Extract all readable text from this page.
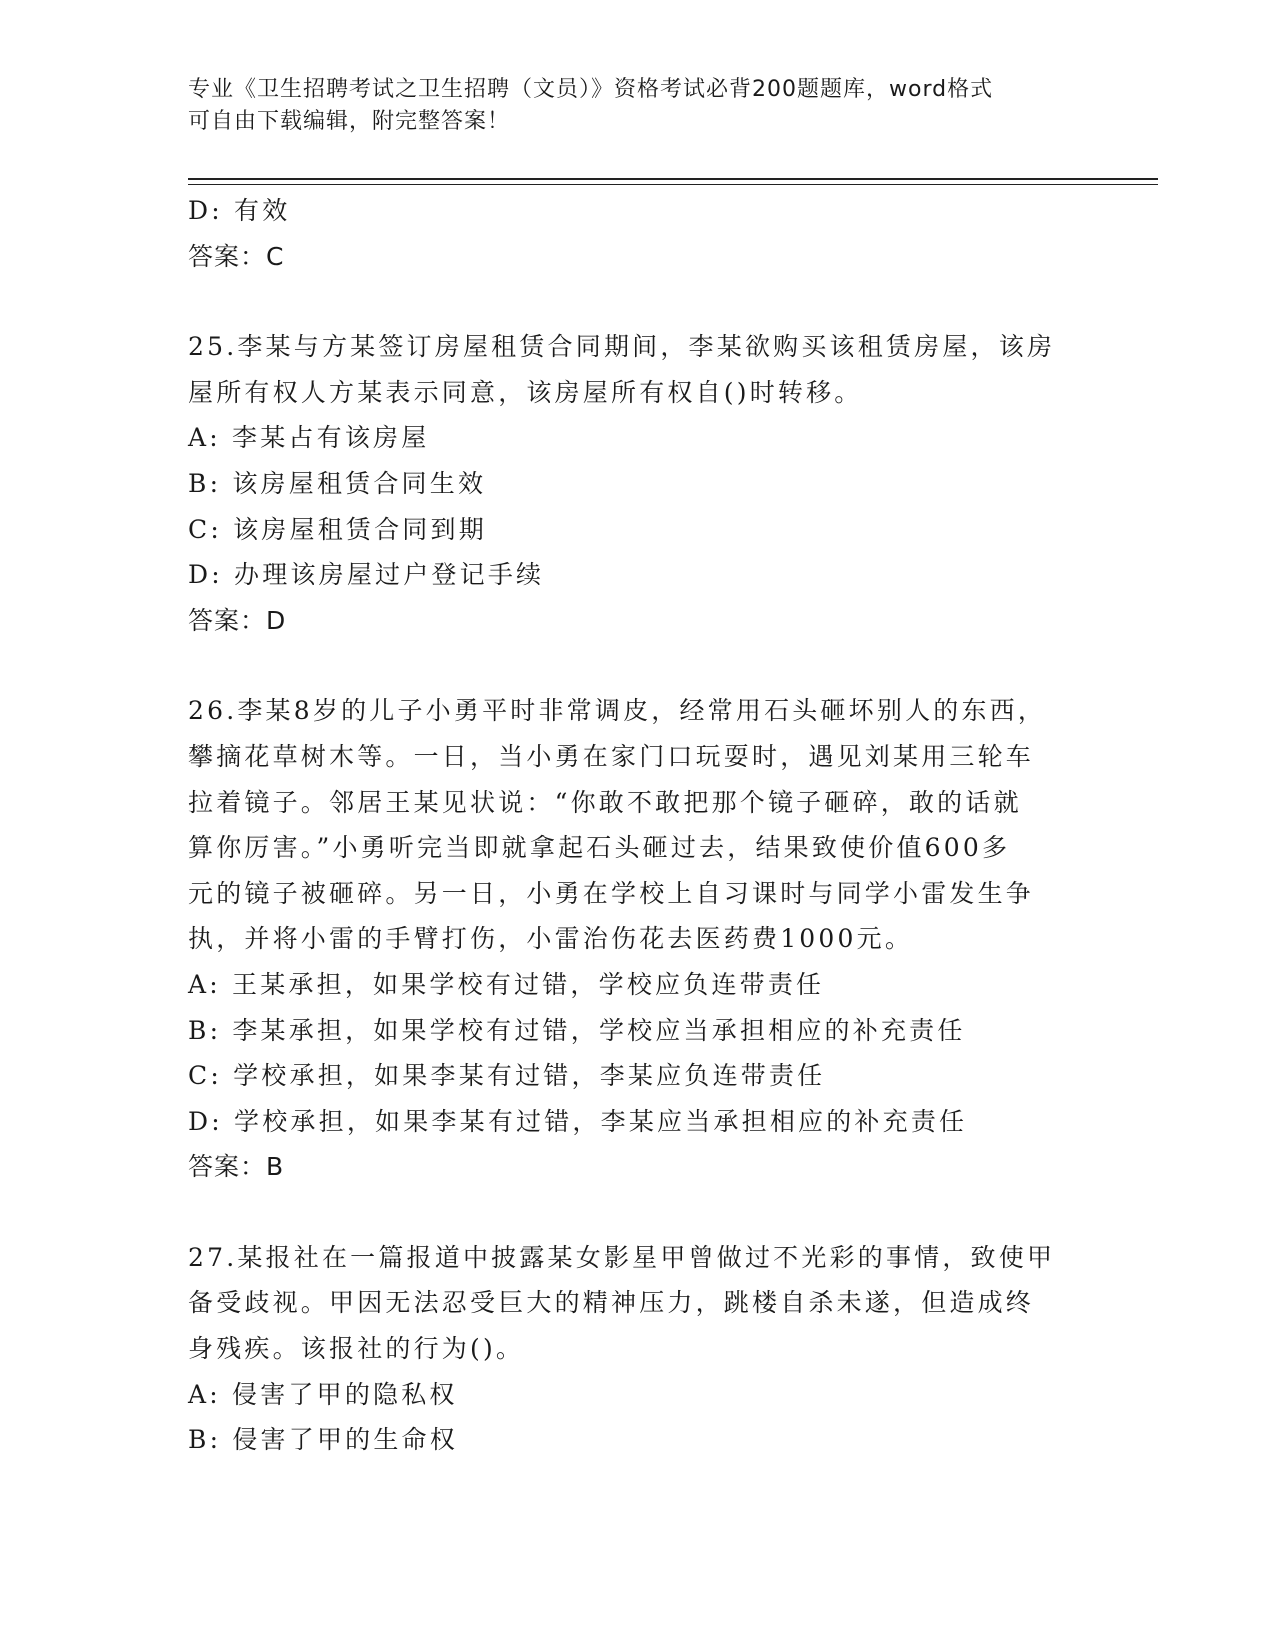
专业《卫生招聘考试之卫生招聘（文员）》资格考试必背200题题库，word格式
可自由下载编辑，附完整答案！
D: 有效
答案：C
25.李某与方某签订房屋租赁合同期间，李某欲购买该租赁房屋，该房
屋所有权人方某表示同意，该房屋所有权自()时转移。
A: 李某占有该房屋
B: 该房屋租赁合同生效
C: 该房屋租赁合同到期
D: 办理该房屋过户登记手续
答案：D
26.李某8岁的儿子小勇平时非常调皮，经常用石头砸坏别人的东西，
攀摘花草树木等。一日，当小勇在家门口玩耍时，遇见刘某用三轮车
拉着镜子。邻居王某见状说：“你敢不敢把那个镜子砸碎，敢的话就
算你厉害。”小勇听完当即就拿起石头砸过去，结果致使价值600多
元的镜子被砸碎。另一日，小勇在学校上自习课时与同学小雷发生争
执，并将小雷的手臂打伤，小雷治伤花去医药费1000元。
A: 王某承担，如果学校有过错，学校应负连带责任
B: 李某承担，如果学校有过错，学校应当承担相应的补充责任
C: 学校承担，如果李某有过错，李某应负连带责任
D: 学校承担，如果李某有过错，李某应当承担相应的补充责任
答案：B
27.某报社在一篇报道中披露某女影星甲曾做过不光彩的事情，致使甲
备受歧视。甲因无法忍受巨大的精神压力，跳楼自杀未遂，但造成终
身残疾。该报社的行为()。
A: 侵害了甲的隐私权
B: 侵害了甲的生命权
